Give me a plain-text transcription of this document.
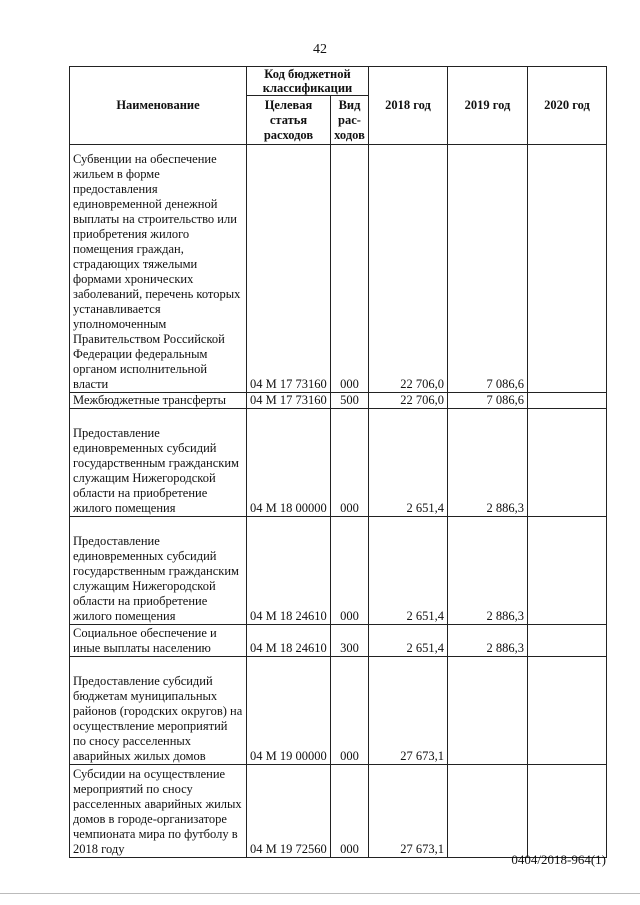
42
Наименование	Код бюджетной классификации		2018 год	2019 год	2020 год
	Целевая статья расходов	Вид рас-ходов			
Субвенции на обеспечение жильем в форме предоставления единовременной денежной выплаты на строительство или приобретения жилого помещения граждан, страдающих тяжелыми формами хронических заболеваний, перечень которых устанавливается уполномоченным Правительством Российской Федерации федеральным органом исполнительной власти	04 М 17 73160	000	22 706,0	7 086,6	
Межбюджетные трансферты	04 М 17 73160	500	22 706,0	7 086,6	
Предоставление единовременных субсидий государственным гражданским служащим Нижегородской области на приобретение жилого помещения	04 М 18 00000	000	2 651,4	2 886,3	
Предоставление единовременных субсидий государственным гражданским служащим Нижегородской области на приобретение жилого помещения	04 М 18 24610	000	2 651,4	2 886,3	
Социальное обеспечение и иные выплаты населению	04 М 18 24610	300	2 651,4	2 886,3	
Предоставление субсидий бюджетам муниципальных районов (городских округов) на осуществление мероприятий по сносу расселенных аварийных жилых домов	04 М 19 00000	000	27 673,1		
Субсидии на осуществление мероприятий по сносу расселенных аварийных жилых домов в городе-организаторе чемпионата мира по футболу в 2018 году	04 М 19 72560	000	27 673,1		
0404/2018-964(1)
